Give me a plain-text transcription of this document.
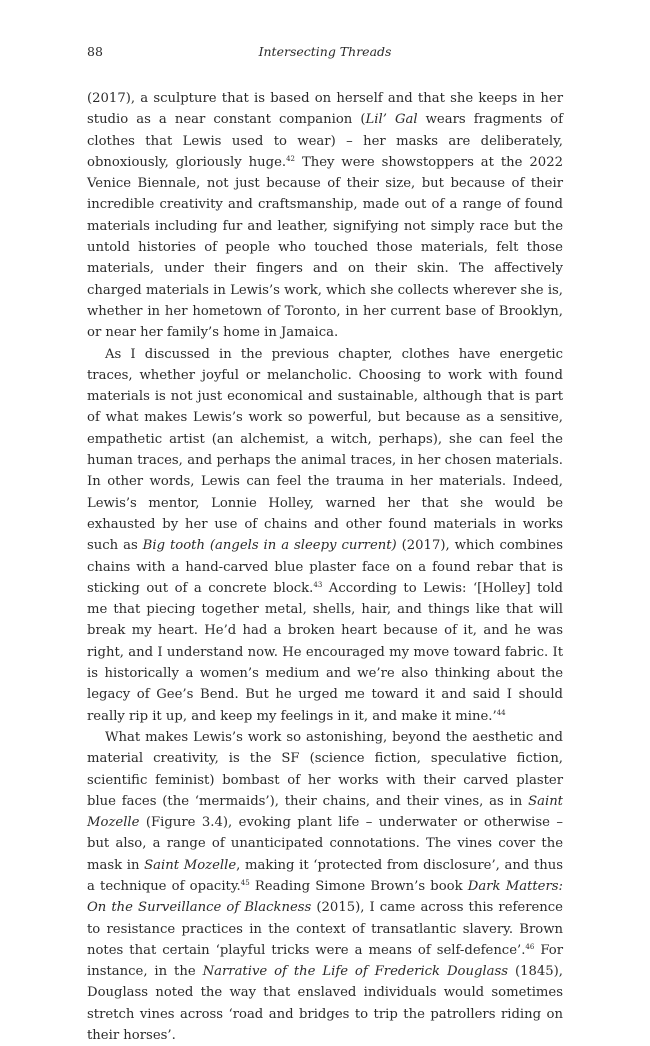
88	Intersecting Threads

(2017), a sculpture that is based on herself and that she keeps in her studio as a near constant companion (Lil’ Gal wears fragments of clothes that Lewis used to wear) – her masks are deliberately, obnoxiously, gloriously huge.$^{42}$ They were showstoppers at the 2022 Venice Biennale, not just because of their size, but because of their incredible creativity and craftsmanship, made out of a range of found materials including fur and leather, signifying not simply race but the untold histories of people who touched those materials, felt those materials, under their fingers and on their skin. The affectively charged materials in Lewis’s work, which she collects wherever she is, whether in her hometown of Toronto, in her current base of Brooklyn, or near her family’s home in Jamaica.

As I discussed in the previous chapter, clothes have energetic traces, whether joyful or melancholic. Choosing to work with found materials is not just economical and sustainable, although that is part of what makes Lewis’s work so powerful, but because as a sensitive, empathetic artist (an alchemist, a witch, perhaps), she can feel the human traces, and perhaps the animal traces, in her chosen materials. In other words, Lewis can feel the trauma in her materials. Indeed, Lewis’s mentor, Lonnie Holley, warned her that she would be exhausted by her use of chains and other found materials in works such as Big tooth (angels in a sleepy current) (2017), which combines chains with a hand-carved blue plaster face on a found rebar that is sticking out of a concrete block.$^{43}$ According to Lewis: ‘[Holley] told me that piecing together metal, shells, hair, and things like that will break my heart. He’d had a broken heart because of it, and he was right, and I understand now. He encouraged my move toward fabric. It is historically a women’s medium and we’re also thinking about the legacy of Gee’s Bend. But he urged me toward it and said I should really rip it up, and keep my feelings in it, and make it mine.’$^{44}$

What makes Lewis’s work so astonishing, beyond the aesthetic and material creativity, is the SF (science fiction, speculative fiction, scientific feminist) bombast of her works with their carved plaster blue faces (the ‘mermaids’), their chains, and their vines, as in Saint Mozelle (Figure 3.4), evoking plant life – underwater or otherwise – but also, a range of unanticipated connotations. The vines cover the mask in Saint Mozelle, making it ‘protected from disclosure’, and thus a technique of opacity.$^{45}$ Reading Simone Brown’s book Dark Matters: On the Surveillance of Blackness (2015), I came across this reference to resistance practices in the context of transatlantic slavery. Brown notes that certain ‘playful tricks were a means of self-defence’.$^{46}$ For instance, in the Narrative of the Life of Frederick Douglass (1845), Douglass noted the way that enslaved individuals would sometimes stretch vines across ‘road and bridges to trip the patrollers riding on their horses’.
